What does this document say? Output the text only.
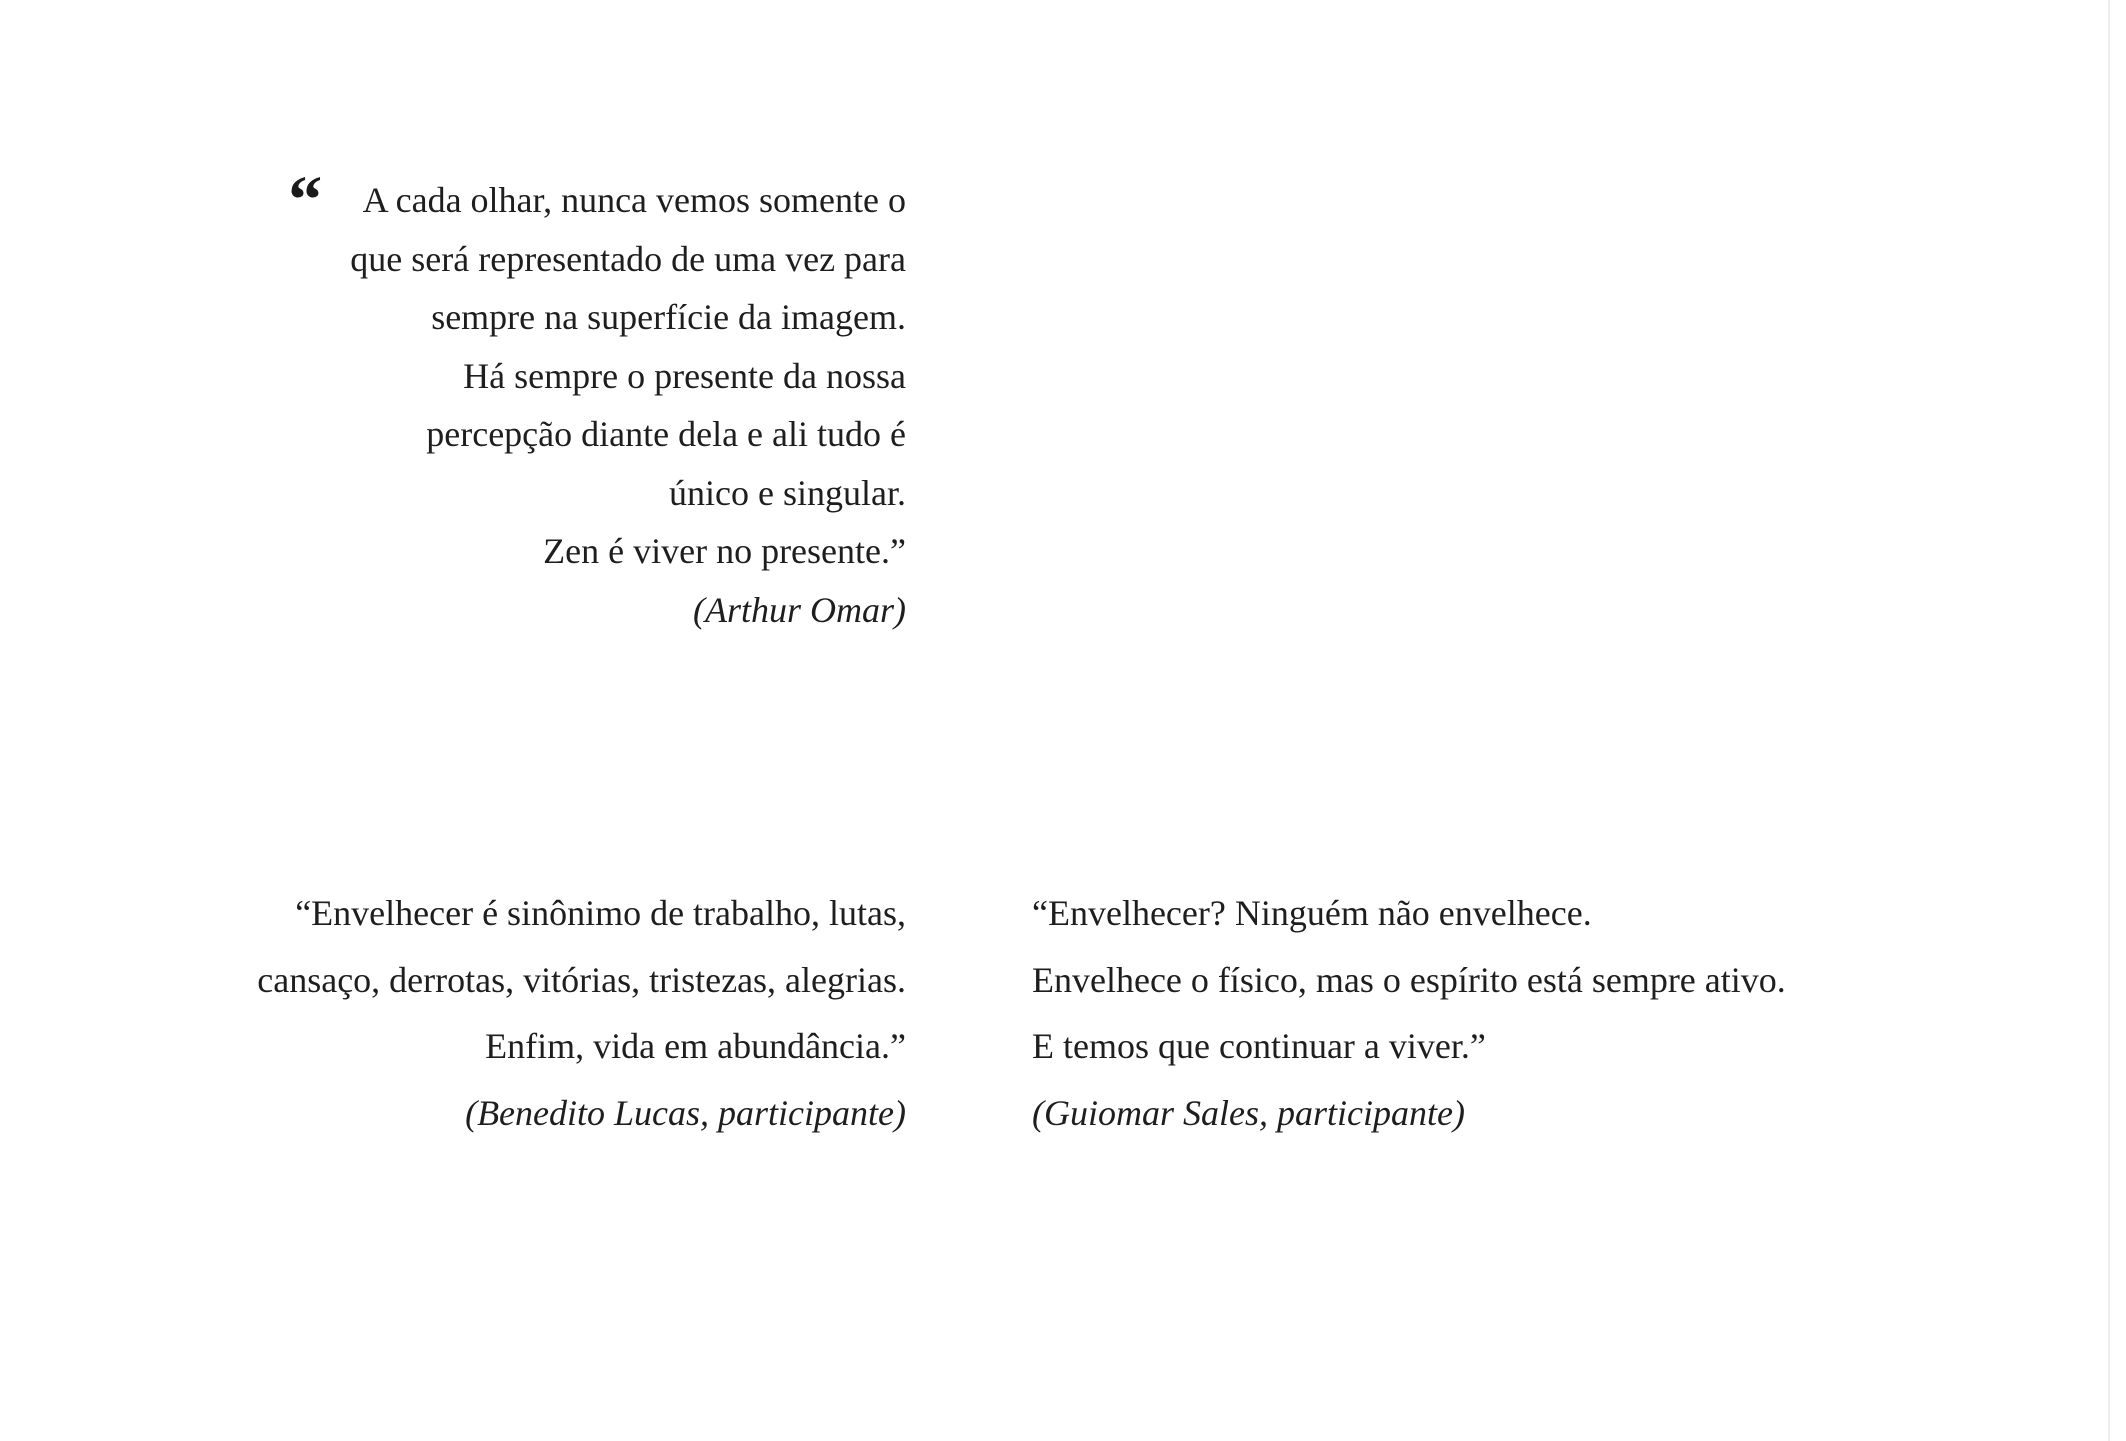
“ A cada olhar, nunca vemos somente o
que será representado de uma vez para
sempre na superfície da imagem.
Há sempre o presente da nossa
percepção diante dela e ali tudo é
único e singular.
Zen é viver no presente.”
(Arthur Omar)
“Envelhecer é sinônimo de trabalho, lutas,
cansaço, derrotas, vitórias, tristezas, alegrias.
Enfim, vida em abundância.”
(Benedito Lucas, participante)
“Envelhecer? Ninguém não envelhece.
Envelhece o físico, mas o espírito está sempre ativo.
E temos que continuar a viver.”
(Guiomar Sales, participante)
